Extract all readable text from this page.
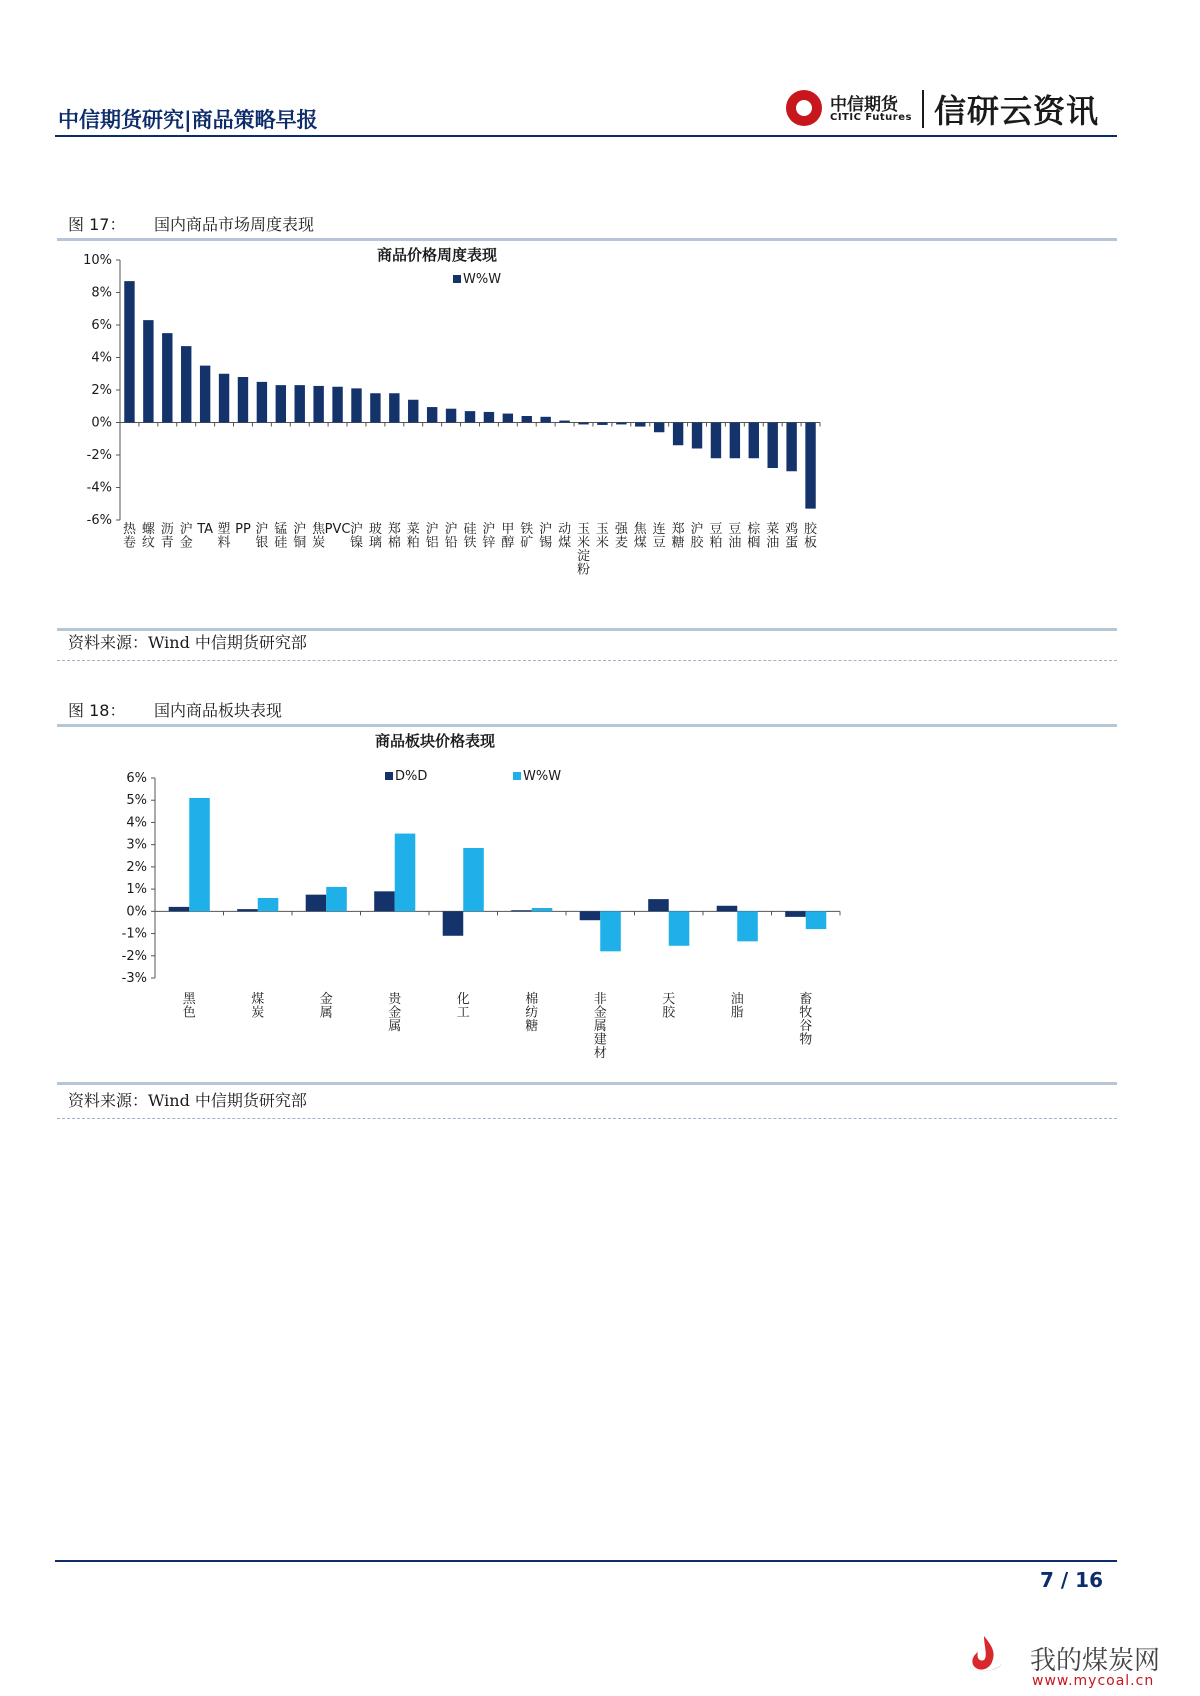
中信期货研究|商品策略早报
中信期货
CITIC Futures 信研云资讯
图 17： 国内商品市场周度表现
商品价格周度表现
W%W
10%
8%
6%
4%
2%
0%
-2%
-4%
-6%
热卷
螺纹
沥青
沪金
TA 塑料
PP 沪银
锰硅
沪铜
焦炭
PVC 沪镍
玻璃
郑棉
菜粕
沪铝
沪铅
硅铁
沪锌
甲醇
铁矿
沪锡
动煤
玉米淀粉
玉米
强麦
焦煤
连豆
郑糖
沪胶
豆粕
豆油
棕榈
菜油
鸡蛋
胶板
资料来源：Wind 中信期货研究部
图 18： 国内商品板块表现
商品板块价格表现
D%D	W%W
6%
5%
4%
3%
2%
1%
0%
-1%
-2%
-3%
黑色
煤炭
金属
贵金属
化工
棉纺糖
非金属建材
天胶
油脂
畜牧谷物
资料来源：Wind 中信期货研究部
7 / 16
我的煤炭网
www.mycoal.cn
